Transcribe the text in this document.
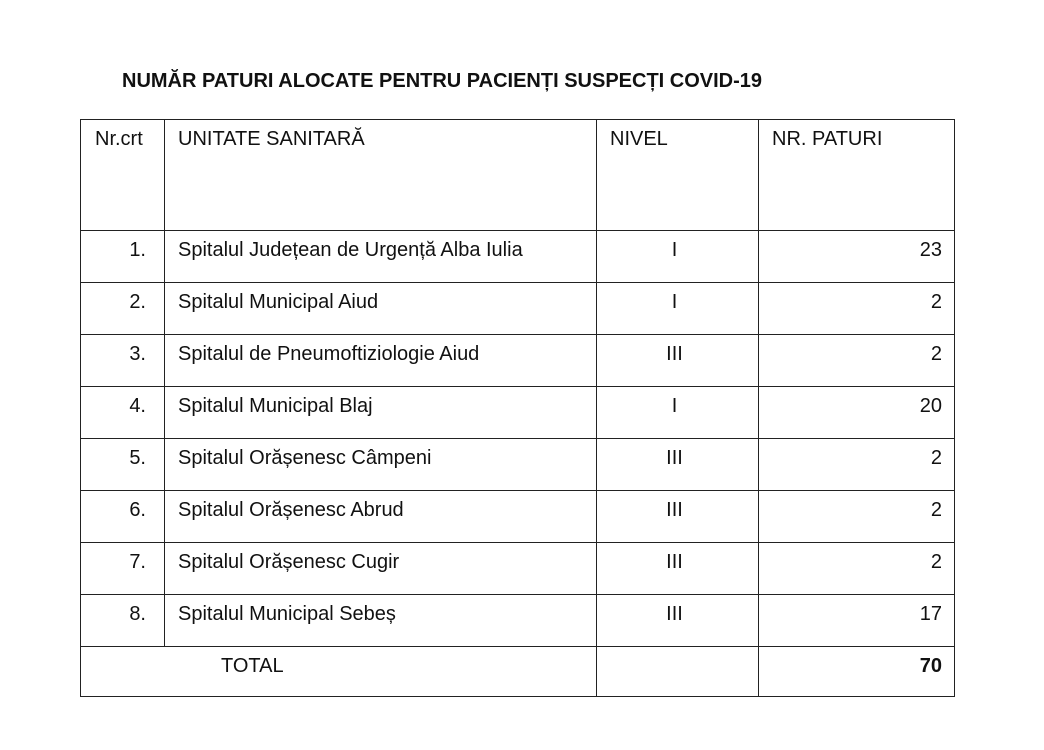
NUMĂR PATURI ALOCATE PENTRU PACIENȚI SUSPECȚI COVID-19
Nr.crt	UNITATE SANITARĂ	NIVEL	NR. PATURI

1.	Spitalul Județean de Urgență Alba Iulia	I	23

2.	Spitalul Municipal Aiud	I	2

3.	Spitalul de Pneumoftiziologie Aiud	III	2

4.	Spitalul Municipal Blaj	I	20

5.	Spitalul Orășenesc Câmpeni	III	2

6.	Spitalul Orășenesc Abrud	III	2

7.	Spitalul Orășenesc Cugir	III	2

8.	Spitalul Municipal Sebeș	III	17

TOTAL			70
